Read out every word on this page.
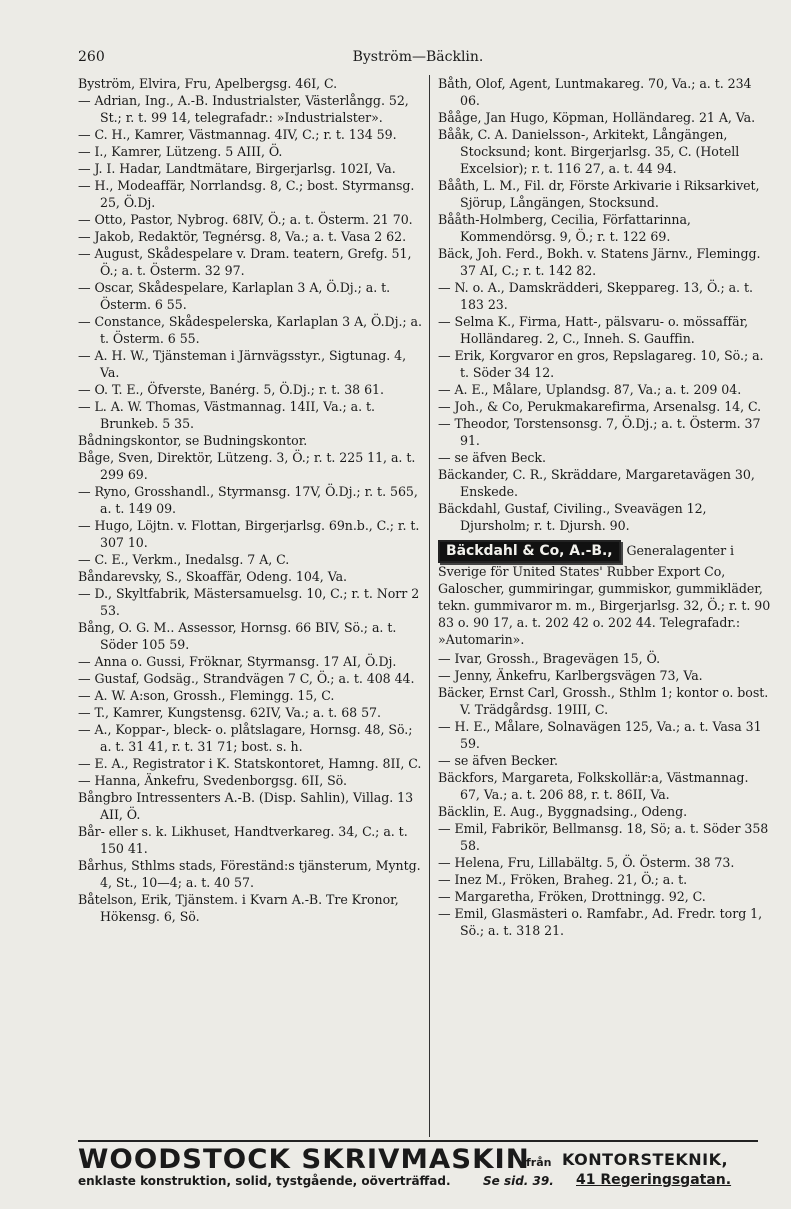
260	Byström—Bäcklin.

Byström, Elvira, Fru, Apelbergsg. 46I, C.

— Adrian, Ing., A.-B. Industrialster, Västerlångg. 52, St.; r. t. 99 14, telegrafadr.: »Industrialster».

— C. H., Kamrer, Västmannag. 4IV, C.; r. t. 134 59.

— I., Kamrer, Lützeng. 5 AIII, Ö.

— J. I. Hadar, Landtmätare, Birgerjarlsg. 102I, Va.

— H., Modeaffär, Norrlandsg. 8, C.; bost. Styrmansg. 25, Ö.Dj.

— Otto, Pastor, Nybrog. 68IV, Ö.; a. t. Österm. 21 70.

— Jakob, Redaktör, Tegnérsg. 8, Va.; a. t. Vasa 2 62.

— August, Skådespelare v. Dram. teatern, Grefg. 51, Ö.; a. t. Österm. 32 97.

— Oscar, Skådespelare, Karlaplan 3 A, Ö.Dj.; a. t. Österm. 6 55.

— Constance, Skådespelerska, Karlaplan 3 A, Ö.Dj.; a. t. Österm. 6 55.

— A. H. W., Tjänsteman i Järnvägsstyr., Sigtunag. 4, Va.

— O. T. E., Öfverste, Banérg. 5, Ö.Dj.; r. t. 38 61.

— L. A. W. Thomas, Västmannag. 14II, Va.; a. t. Brunkeb. 5 35.

Bådningskontor, se Budningskontor.

Båge, Sven, Direktör, Lützeng. 3, Ö.; r. t. 225 11, a. t. 299 69.

— Ryno, Grosshandl., Styrmansg. 17V, Ö.Dj.; r. t. 565, a. t. 149 09.

— Hugo, Löjtn. v. Flottan, Birgerjarlsg. 69n.b., C.; r. t. 307 10.

— C. E., Verkm., Inedalsg. 7 A, C.

Båndarevsky, S., Skoaffär, Odeng. 104, Va.

— D., Skyltfabrik, Mästersamuelsg. 10, C.; r. t. Norr 2 53.

Bång, O. G. M.. Assessor, Hornsg. 66 BIV, Sö.; a. t. Söder 105 59.

— Anna o. Gussi, Fröknar, Styrmansg. 17 AI, Ö.Dj.

— Gustaf, Godsäg., Strandvägen 7 C, Ö.; a. t. 408 44.

— A. W. A:son, Grossh., Flemingg. 15, C.

— T., Kamrer, Kungstensg. 62IV, Va.; a. t. 68 57.

— A., Koppar-, bleck- o. plåtslagare, Hornsg. 48, Sö.; a. t. 31 41, r. t. 31 71; bost. s. h.

— E. A., Registrator i K. Statskontoret, Hamng. 8II, C.

— Hanna, Änkefru, Svedenborgsg. 6II, Sö.

Bångbro Intressenters A.-B. (Disp. Sahlin), Villag. 13 AII, Ö.

Bår- eller s. k. Likhuset, Handtverkareg. 34, C.; a. t. 150 41.

Bårhus, Sthlms stads, Föreständ:s tjänsterum, Myntg. 4, St., 10—4; a. t. 40 57.

Båtelson, Erik, Tjänstem. i Kvarn A.-B. Tre Kronor, Hökensg. 6, Sö.

Båth, Olof, Agent, Luntmakareg. 70, Va.; a. t. 234 06.

Bååge, Jan Hugo, Köpman, Holländareg. 21 A, Va.

Bååk, C. A. Danielsson-, Arkitekt, Långängen, Stocksund; kont. Birgerjarlsg. 35, C. (Hotell Excelsior); r. t. 116 27, a. t. 44 94.

Bååth, L. M., Fil. dr, Förste Arkivarie i Riksarkivet, Sjörup, Långängen, Stocksund.

Bååth-Holmberg, Cecilia, Författarinna, Kommendörsg. 9, Ö.; r. t. 122 69.

Bäck, Joh. Ferd., Bokh. v. Statens Järnv., Flemingg. 37 AI, C.; r. t. 142 82.

— N. o. A., Damskrädderi, Skeppareg. 13, Ö.; a. t. 183 23.

— Selma K., Firma, Hatt-, pälsvaru- o. mössaffär, Holländareg. 2, C., Inneh. S. Gauffin.

— Erik, Korgvaror en gros, Repslagareg. 10, Sö.; a. t. Söder 34 12.

— A. E., Målare, Uplandsg. 87, Va.; a. t. 209 04.

— Joh., & Co, Perukmakarefirma, Arsenalsg. 14, C.

— Theodor, Torstensonsg. 7, Ö.Dj.; a. t. Österm. 37 91.

— se äfven Beck.

Bäckander, C. R., Skräddare, Margaretavägen 30, Enskede.

Bäckdahl, Gustaf, Civiling., Sveavägen 12, Djursholm; r. t. Djursh. 90.

Bäckdahl & Co, A.-B., Generalagenter i Sverige för United States' Rubber Export Co, Galoscher, gummiringar, gummiskor, gummikläder, tekn. gummivaror m. m., Birgerjarlsg. 32, Ö.; r. t. 90 83 o. 90 17, a. t. 202 42 o. 202 44. Telegrafadr.: »Automarin».

— Ivar, Grossh., Bragevägen 15, Ö.

— Jenny, Änkefru, Karlbergsvägen 73, Va.

Bäcker, Ernst Carl, Grossh., Sthlm 1; kontor o. bost. V. Trädgårdsg. 19III, C.

— H. E., Målare, Solnavägen 125, Va.; a. t. Vasa 31 59.

— se äfven Becker.

Bäckfors, Margareta, Folkskollär:a, Västmannag. 67, Va.; a. t. 206 88, r. t. 86II, Va.

Bäcklin, E. Aug., Byggnadsing., Odeng.

— Emil, Fabrikör, Bellmansg. 18, Sö; a. t. Söder 358 58.

— Helena, Fru, Lillabältg. 5, Ö. Österm. 38 73.

— Inez M., Fröken, Braheg. 21, Ö.; a. t.

— Margaretha, Fröken, Drottningg. 92, C.

— Emil, Glasmästeri o. Ramfabr., Ad. Fredr. torg 1, Sö.; a. t. 318 21.

WOODSTOCK SKRIVMASKIN
från KONTORSTEKNIK,
enklaste konstruktion, solid, tystgående, oöverträffad.	Se sid. 39. 41 Regeringsgatan.
